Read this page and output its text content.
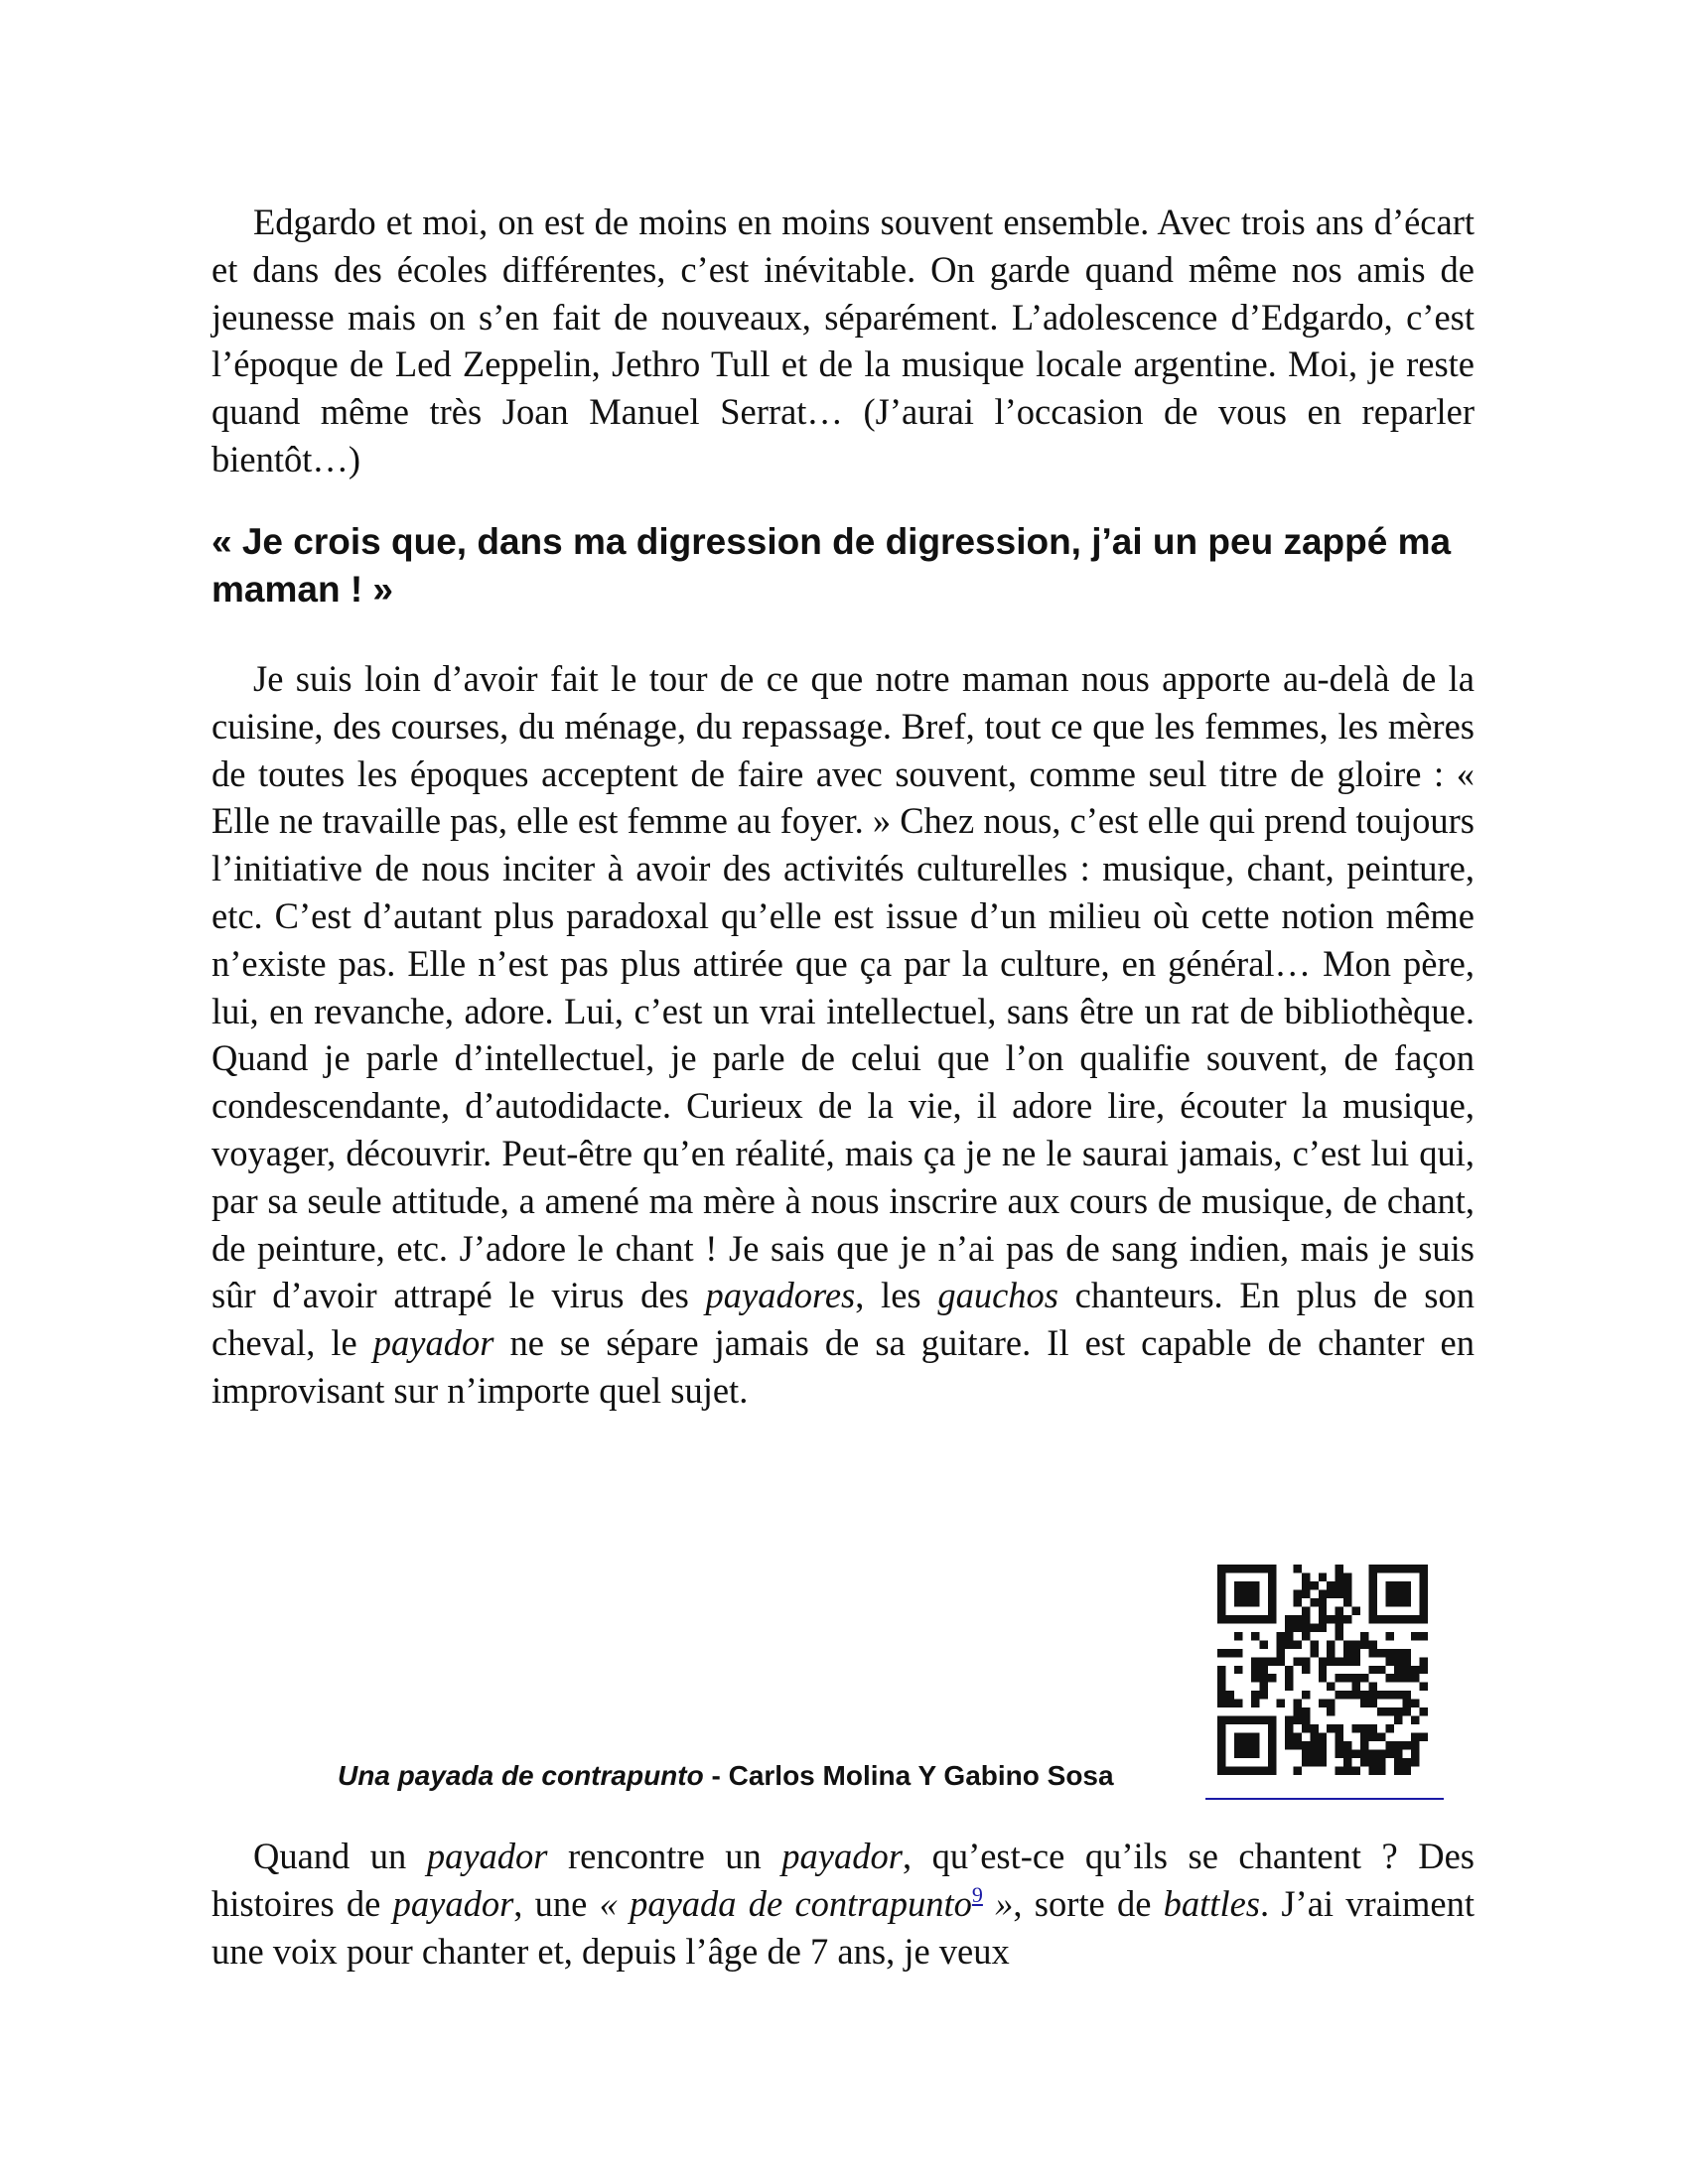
Edgardo et moi, on est de moins en moins souvent ensemble. Avec trois ans d’écart et dans des écoles différentes, c’est inévitable. On garde quand même nos amis de jeunesse mais on s’en fait de nouveaux, séparément. L’adolescence d’Edgardo, c’est l’époque de Led Zeppelin, Jethro Tull et de la musique locale argentine. Moi, je reste quand même très Joan Manuel Serrat… (J’aurai l’occasion de vous en reparler bientôt…)

« Je crois que, dans ma digression de digression, j’ai un peu zappé ma maman ! »

Je suis loin d’avoir fait le tour de ce que notre maman nous apporte au-delà de la cuisine, des courses, du ménage, du repassage. Bref, tout ce que les femmes, les mères de toutes les époques acceptent de faire avec souvent, comme seul titre de gloire : « Elle ne travaille pas, elle est femme au foyer. » Chez nous, c’est elle qui prend toujours l’initiative de nous inciter à avoir des activités culturelles : musique, chant, peinture, etc. C’est d’autant plus paradoxal qu’elle est issue d’un milieu où cette notion même n’existe pas. Elle n’est pas plus attirée que ça par la culture, en général… Mon père, lui, en revanche, adore. Lui, c’est un vrai intellectuel, sans être un rat de bibliothèque. Quand je parle d’intellectuel, je parle de celui que l’on qualifie souvent, de façon condescendante, d’autodidacte. Curieux de la vie, il adore lire, écouter la musique, voyager, découvrir. Peut-être qu’en réalité, mais ça je ne le saurai jamais, c’est lui qui, par sa seule attitude, a amené ma mère à nous inscrire aux cours de musique, de chant, de peinture, etc. J’adore le chant ! Je sais que je n’ai pas de sang indien, mais je suis sûr d’avoir attrapé le virus des payadores, les gauchos chanteurs. En plus de son cheval, le payador ne se sépare jamais de sa guitare. Il est capable de chanter en improvisant sur n’importe quel sujet.

Una payada de contrapunto - Carlos Molina Y Gabino Sosa

Quand un payador rencontre un payador, qu’est-ce qu’ils se chantent ? Des histoires de payador, une « payada de contrapunto$^9$ », sorte de battles. J’ai vraiment une voix pour chanter et, depuis l’âge de 7 ans, je veux
